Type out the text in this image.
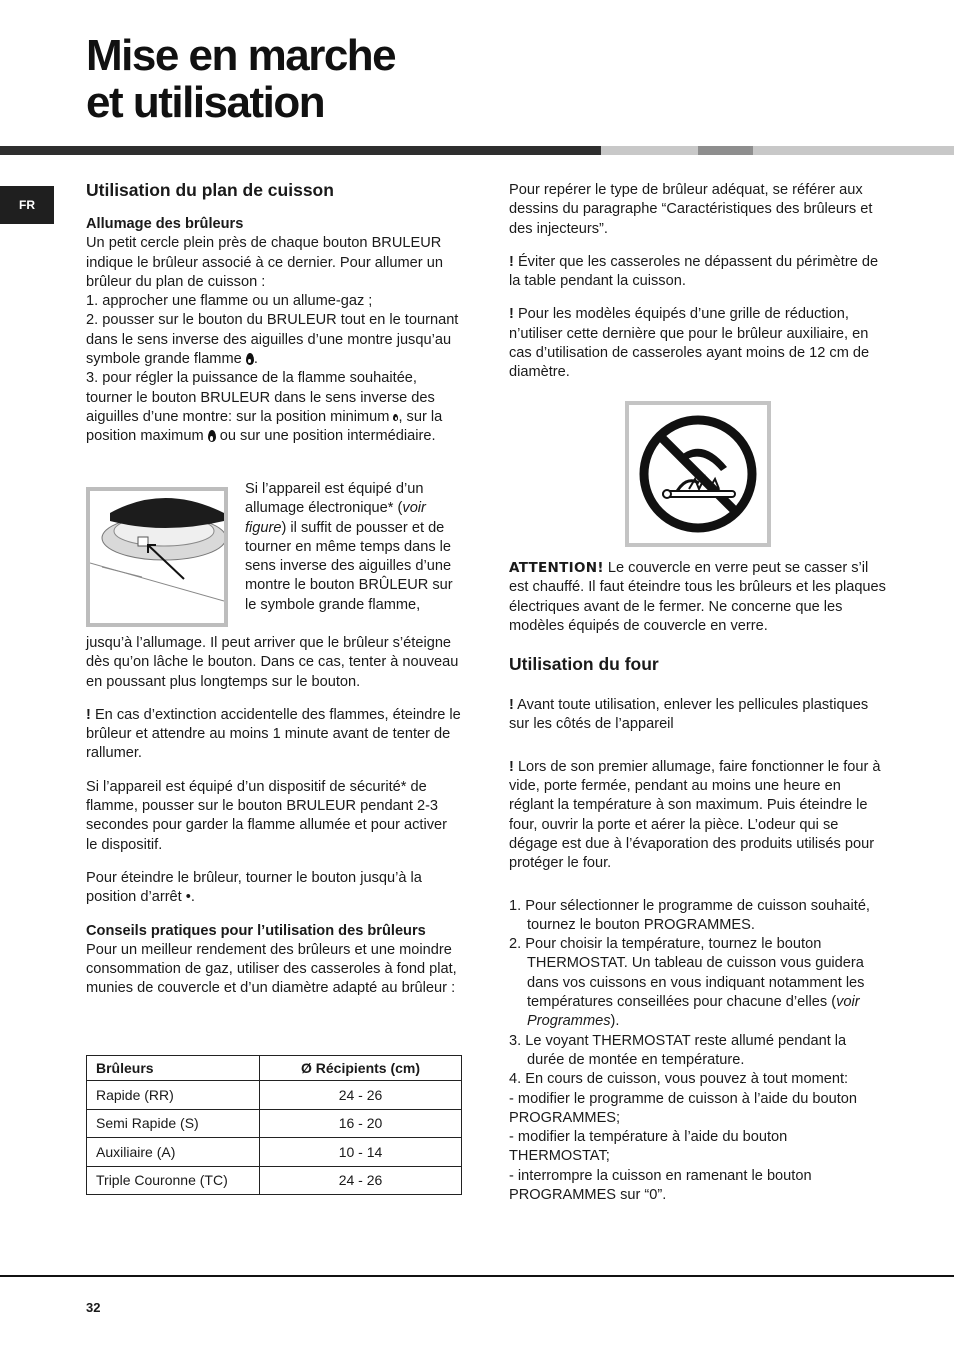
Mise en marche
et utilisation
FR

Utilisation du plan de cuisson

Allumage des brûleurs

Un petit cercle plein près de chaque bouton BRULEUR indique le brûleur associé à ce dernier. Pour allumer un brûleur du plan de cuisson :

1. approcher une flamme ou un allume-gaz ;

2. pousser sur le bouton du BRULEUR tout en le tournant dans le sens inverse des aiguilles d’une montre jusqu’au symbole grande flamme .

3. pour régler la puissance de la flamme souhaitée, tourner le bouton BRULEUR dans le sens inverse des aiguilles d’une montre: sur la position minimum , sur la position maximum ou sur une position intermédiaire.

Si l’appareil est équipé d’un allumage électronique* (voir figure) il suffit de pousser et de tourner en même temps dans le sens inverse des aiguilles d’une montre le bouton BRÛLEUR sur le symbole grande flamme,

jusqu’à l’allumage. Il peut arriver que le brûleur s’éteigne dès qu’on lâche le bouton. Dans ce cas, tenter à nouveau en poussant plus longtemps sur le bouton.

! En cas d’extinction accidentelle des flammes, éteindre le brûleur et attendre au moins 1 minute avant de tenter de rallumer.

Si l’appareil est équipé d’un dispositif de sécurité* de flamme, pousser sur le bouton BRULEUR pendant 2-3 secondes pour garder la flamme allumée et pour activer le dispositif.

Pour éteindre le brûleur, tourner le bouton jusqu’à la position d’arrêt •.

Conseils pratiques pour l’utilisation des brûleurs

Pour un meilleur rendement des brûleurs et une moindre consommation de gaz, utiliser des casseroles à fond plat, munies de couvercle et d’un diamètre adapté au brûleur :

Brûleurs	Ø Récipients (cm)
Rapide (RR)	24 - 26
Semi Rapide (S)	16 - 20
Auxiliaire (A)	10 - 14
Triple Couronne (TC)	24 - 26

Pour repérer le type de brûleur adéquat, se référer aux dessins du paragraphe “Caractéristiques des brûleurs et des injecteurs”.

! Éviter que les casseroles ne dépassent du périmètre de la table pendant la cuisson.

! Pour les modèles équipés d’une grille de réduction, n’utiliser cette dernière que pour le brûleur auxiliaire, en cas d’utilisation de casseroles ayant moins de 12 cm de diamètre.

ATTENTION! Le couvercle en verre peut se casser s’il est chauffé. Il faut éteindre tous les brûleurs et les plaques électriques avant de le fermer. Ne concerne que les modèles équipés de couvercle en verre.

Utilisation du four

! Avant toute utilisation, enlever les pellicules plastiques sur les côtés de l’appareil

! Lors de son premier allumage, faire fonctionner le four à vide, porte fermée, pendant au moins une heure en réglant la température à son maximum. Puis éteindre le four, ouvrir la porte et aérer la pièce. L’odeur qui se dégage est due à l’évaporation des produits utilisés pour protéger le four.

1. Pour sélectionner le programme de cuisson souhaité, tournez le bouton PROGRAMMES.
2. Pour choisir la température, tournez le bouton THERMOSTAT. Un tableau de cuisson vous guidera dans vos cuissons en vous indiquant notamment les températures conseillées pour chacune d’elles (voir Programmes).
3. Le voyant THERMOSTAT reste allumé pendant la durée de montée en température.
4. En cours de cuisson, vous pouvez à tout moment:
- modifier le programme de cuisson à l’aide du bouton PROGRAMMES;
- modifier la température à l’aide du bouton THERMOSTAT;
- interrompre la cuisson en ramenant le bouton PROGRAMMES sur “0”.
32
